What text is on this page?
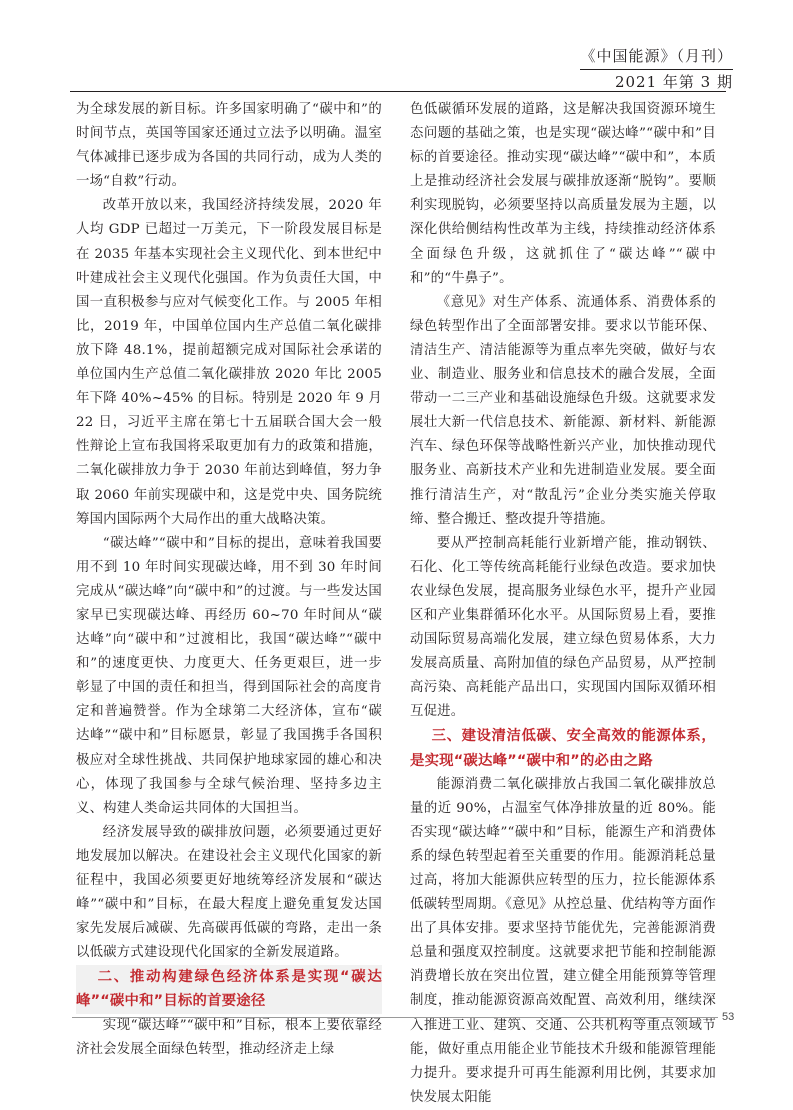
《中国能源》（月刊）
2021 年第 3 期

为全球发展的新目标。许多国家明确了“碳中和”的时间节点，英国等国家还通过立法予以明确。温室气体减排已逐步成为各国的共同行动，成为人类的一场“自救”行动。

改革开放以来，我国经济持续发展，2020 年人均 GDP 已超过一万美元，下一阶段发展目标是在 2035 年基本实现社会主义现代化、到本世纪中叶建成社会主义现代化强国。作为负责任大国，中国一直积极参与应对气候变化工作。与 2005 年相比，2019 年，中国单位国内生产总值二氧化碳排放下降 48.1%，提前超额完成对国际社会承诺的单位国内生产总值二氧化碳排放 2020 年比 2005 年下降 40%~45% 的目标。特别是 2020 年 9 月 22 日，习近平主席在第七十五届联合国大会一般性辩论上宣布我国将采取更加有力的政策和措施，二氧化碳排放力争于 2030 年前达到峰值，努力争取 2060 年前实现碳中和，这是党中央、国务院统筹国内国际两个大局作出的重大战略决策。

“碳达峰”“碳中和”目标的提出，意味着我国要用不到 10 年时间实现碳达峰，用不到 30 年时间完成从“碳达峰”向“碳中和”的过渡。与一些发达国家早已实现碳达峰、再经历 60~70 年时间从“碳达峰”向“碳中和”过渡相比，我国“碳达峰”“碳中和”的速度更快、力度更大、任务更艰巨，进一步彰显了中国的责任和担当，得到国际社会的高度肯定和普遍赞誉。作为全球第二大经济体，宣布“碳达峰”“碳中和”目标愿景，彰显了我国携手各国积极应对全球性挑战、共同保护地球家园的雄心和决心，体现了我国参与全球气候治理、坚持多边主义、构建人类命运共同体的大国担当。

经济发展导致的碳排放问题，必须要通过更好地发展加以解决。在建设社会主义现代化国家的新征程中，我国必须要更好地统筹经济发展和“碳达峰”“碳中和”目标，在最大程度上避免重复发达国家先发展后减碳、先高碳再低碳的弯路，走出一条以低碳方式建设现代化国家的全新发展道路。

二、推动构建绿色经济体系是实现“碳达峰”“碳中和”目标的首要途径

实现“碳达峰”“碳中和”目标，根本上要依靠经济社会发展全面绿色转型，推动经济走上绿

色低碳循环发展的道路，这是解决我国资源环境生态问题的基础之策，也是实现“碳达峰”“碳中和”目标的首要途径。推动实现“碳达峰”“碳中和”，本质上是推动经济社会发展与碳排放逐渐“脱钩”。要顺利实现脱钩，必须要坚持以高质量发展为主题，以深化供给侧结构性改革为主线，持续推动经济体系全面绿色升级，这就抓住了“碳达峰”“碳中和”的“牛鼻子”。

《意见》对生产体系、流通体系、消费体系的绿色转型作出了全面部署安排。要求以节能环保、清洁生产、清洁能源等为重点率先突破，做好与农业、制造业、服务业和信息技术的融合发展，全面带动一二三产业和基础设施绿色升级。这就要求发展壮大新一代信息技术、新能源、新材料、新能源汽车、绿色环保等战略性新兴产业，加快推动现代服务业、高新技术产业和先进制造业发展。要全面推行清洁生产，对“散乱污”企业分类实施关停取缔、整合搬迁、整改提升等措施。

要从严控制高耗能行业新增产能，推动钢铁、石化、化工等传统高耗能行业绿色改造。要求加快农业绿色发展，提高服务业绿色水平，提升产业园区和产业集群循环化水平。从国际贸易上看，要推动国际贸易高端化发展，建立绿色贸易体系，大力发展高质量、高附加值的绿色产品贸易，从严控制高污染、高耗能产品出口，实现国内国际双循环相互促进。

三、建设清洁低碳、安全高效的能源体系，是实现“碳达峰”“碳中和”的必由之路

能源消费二氧化碳排放占我国二氧化碳排放总量的近 90%，占温室气体净排放量的近 80%。能否实现“碳达峰”“碳中和”目标，能源生产和消费体系的绿色转型起着至关重要的作用。能源消耗总量过高，将加大能源供应转型的压力，拉长能源体系低碳转型周期。《意见》从控总量、优结构等方面作出了具体安排。要求坚持节能优先，完善能源消费总量和强度双控制度。这就要求把节能和控制能源消费增长放在突出位置，建立健全用能预算等管理制度，推动能源资源高效配置、高效利用，继续深入推进工业、建筑、交通、公共机构等重点领域节能，做好重点用能企业节能技术升级和能源管理能力提升。要求提升可再生能源利用比例，其要求加快发展太阳能

53
